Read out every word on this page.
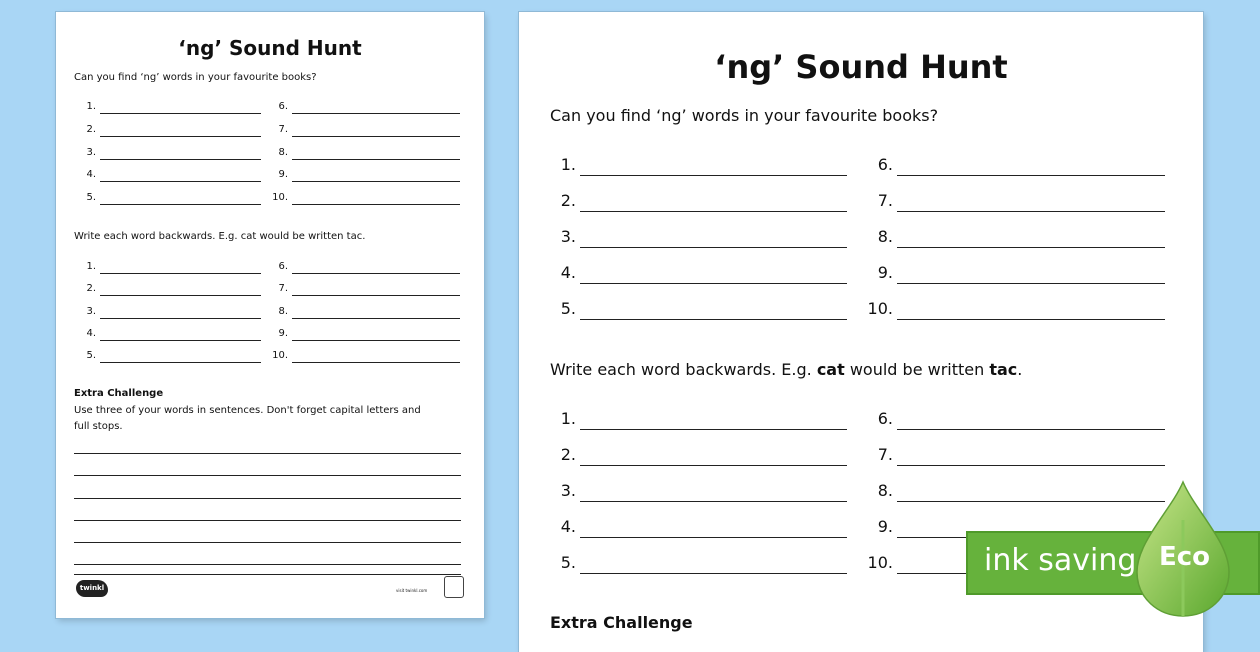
‘ng’ Sound Hunt
Can you find ‘ng’ words in your favourite books?
1.
2.
3.
4.
5.
6.
7.
8.
9.
10.
Write each word backwards. E.g. cat would be written tac.
1.
2.
3.
4.
5.
6.
7.
8.
9.
10.
Extra Challenge
Use three of your words in sentences. Don't forget capital letters and full stops.
twinkl	visit twinkl.com
‘ng’ Sound Hunt
Can you find ‘ng’ words in your favourite books?
1.
2.
3.
4.
5.
6.
7.
8.
9.
10.
Write each word backwards. E.g. cat would be written tac.
1.
2.
3.
4.
5.
6.
7.
8.
9.
10.
Extra Challenge
ink saving Eco
